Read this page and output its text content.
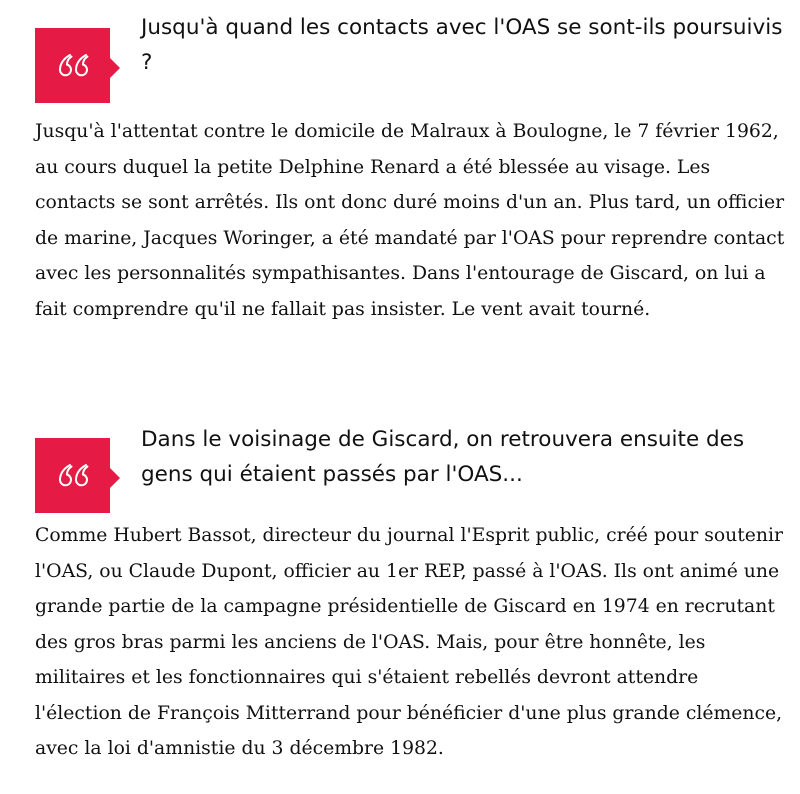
Jusqu'à quand les contacts avec l'OAS se sont-ils poursuivis ?

Jusqu'à l'attentat contre le domicile de Malraux à Boulogne, le 7 février 1962, au cours duquel la petite Delphine Renard a été blessée au visage. Les contacts se sont arrêtés. Ils ont donc duré moins d'un an. Plus tard, un officier de marine, Jacques Woringer, a été mandaté par l'OAS pour reprendre contact avec les personnalités sympathisantes. Dans l'entourage de Giscard, on lui a fait comprendre qu'il ne fallait pas insister. Le vent avait tourné.

Dans le voisinage de Giscard, on retrouvera ensuite des gens qui étaient passés par l'OAS...

Comme Hubert Bassot, directeur du journal l'Esprit public, créé pour soutenir l'OAS, ou Claude Dupont, officier au 1er REP, passé à l'OAS. Ils ont animé une grande partie de la campagne présidentielle de Giscard en 1974 en recrutant des gros bras parmi les anciens de l'OAS. Mais, pour être honnête, les militaires et les fonctionnaires qui s'étaient rebellés devront attendre l'élection de François Mitterrand pour bénéficier d'une plus grande clémence, avec la loi d'amnistie du 3 décembre 1982.
